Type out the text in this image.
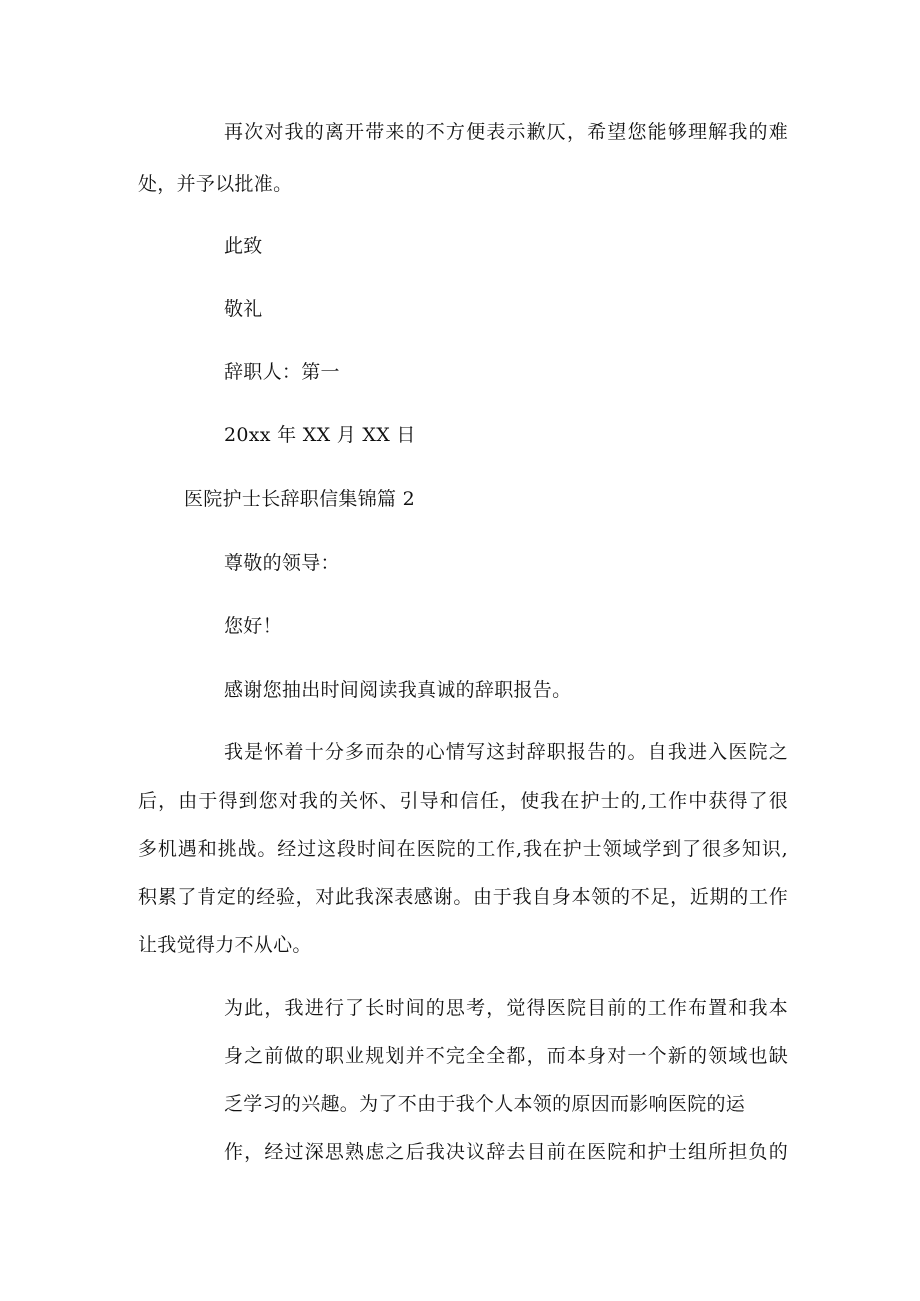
再次对我的离开带来的不方便表示歉仄，希望您能够理解我的难
处，并予以批准。
此致
敬礼
辞职人：第一
20xx 年 XX 月 XX 日
医院护士长辞职信集锦篇 2
尊敬的领导：
您好！
感谢您抽出时间阅读我真诚的辞职报告。
我是怀着十分多而杂的心情写这封辞职报告的。自我进入医院之
后，由于得到您对我的关怀、引导和信任，使我在护士的,工作中获得了很
多机遇和挑战。经过这段时间在医院的工作,我在护士领域学到了很多知识,
积累了肯定的经验，对此我深表感谢。由于我自身本领的不足，近期的工作
让我觉得力不从心。
为此，我进行了长时间的思考，觉得医院目前的工作布置和我本
身之前做的职业规划并不完全全都，而本身对一个新的领域也缺
乏学习的兴趣。为了不由于我个人本领的原因而影响医院的运
作，经过深思熟虑之后我决议辞去目前在医院和护士组所担负的
